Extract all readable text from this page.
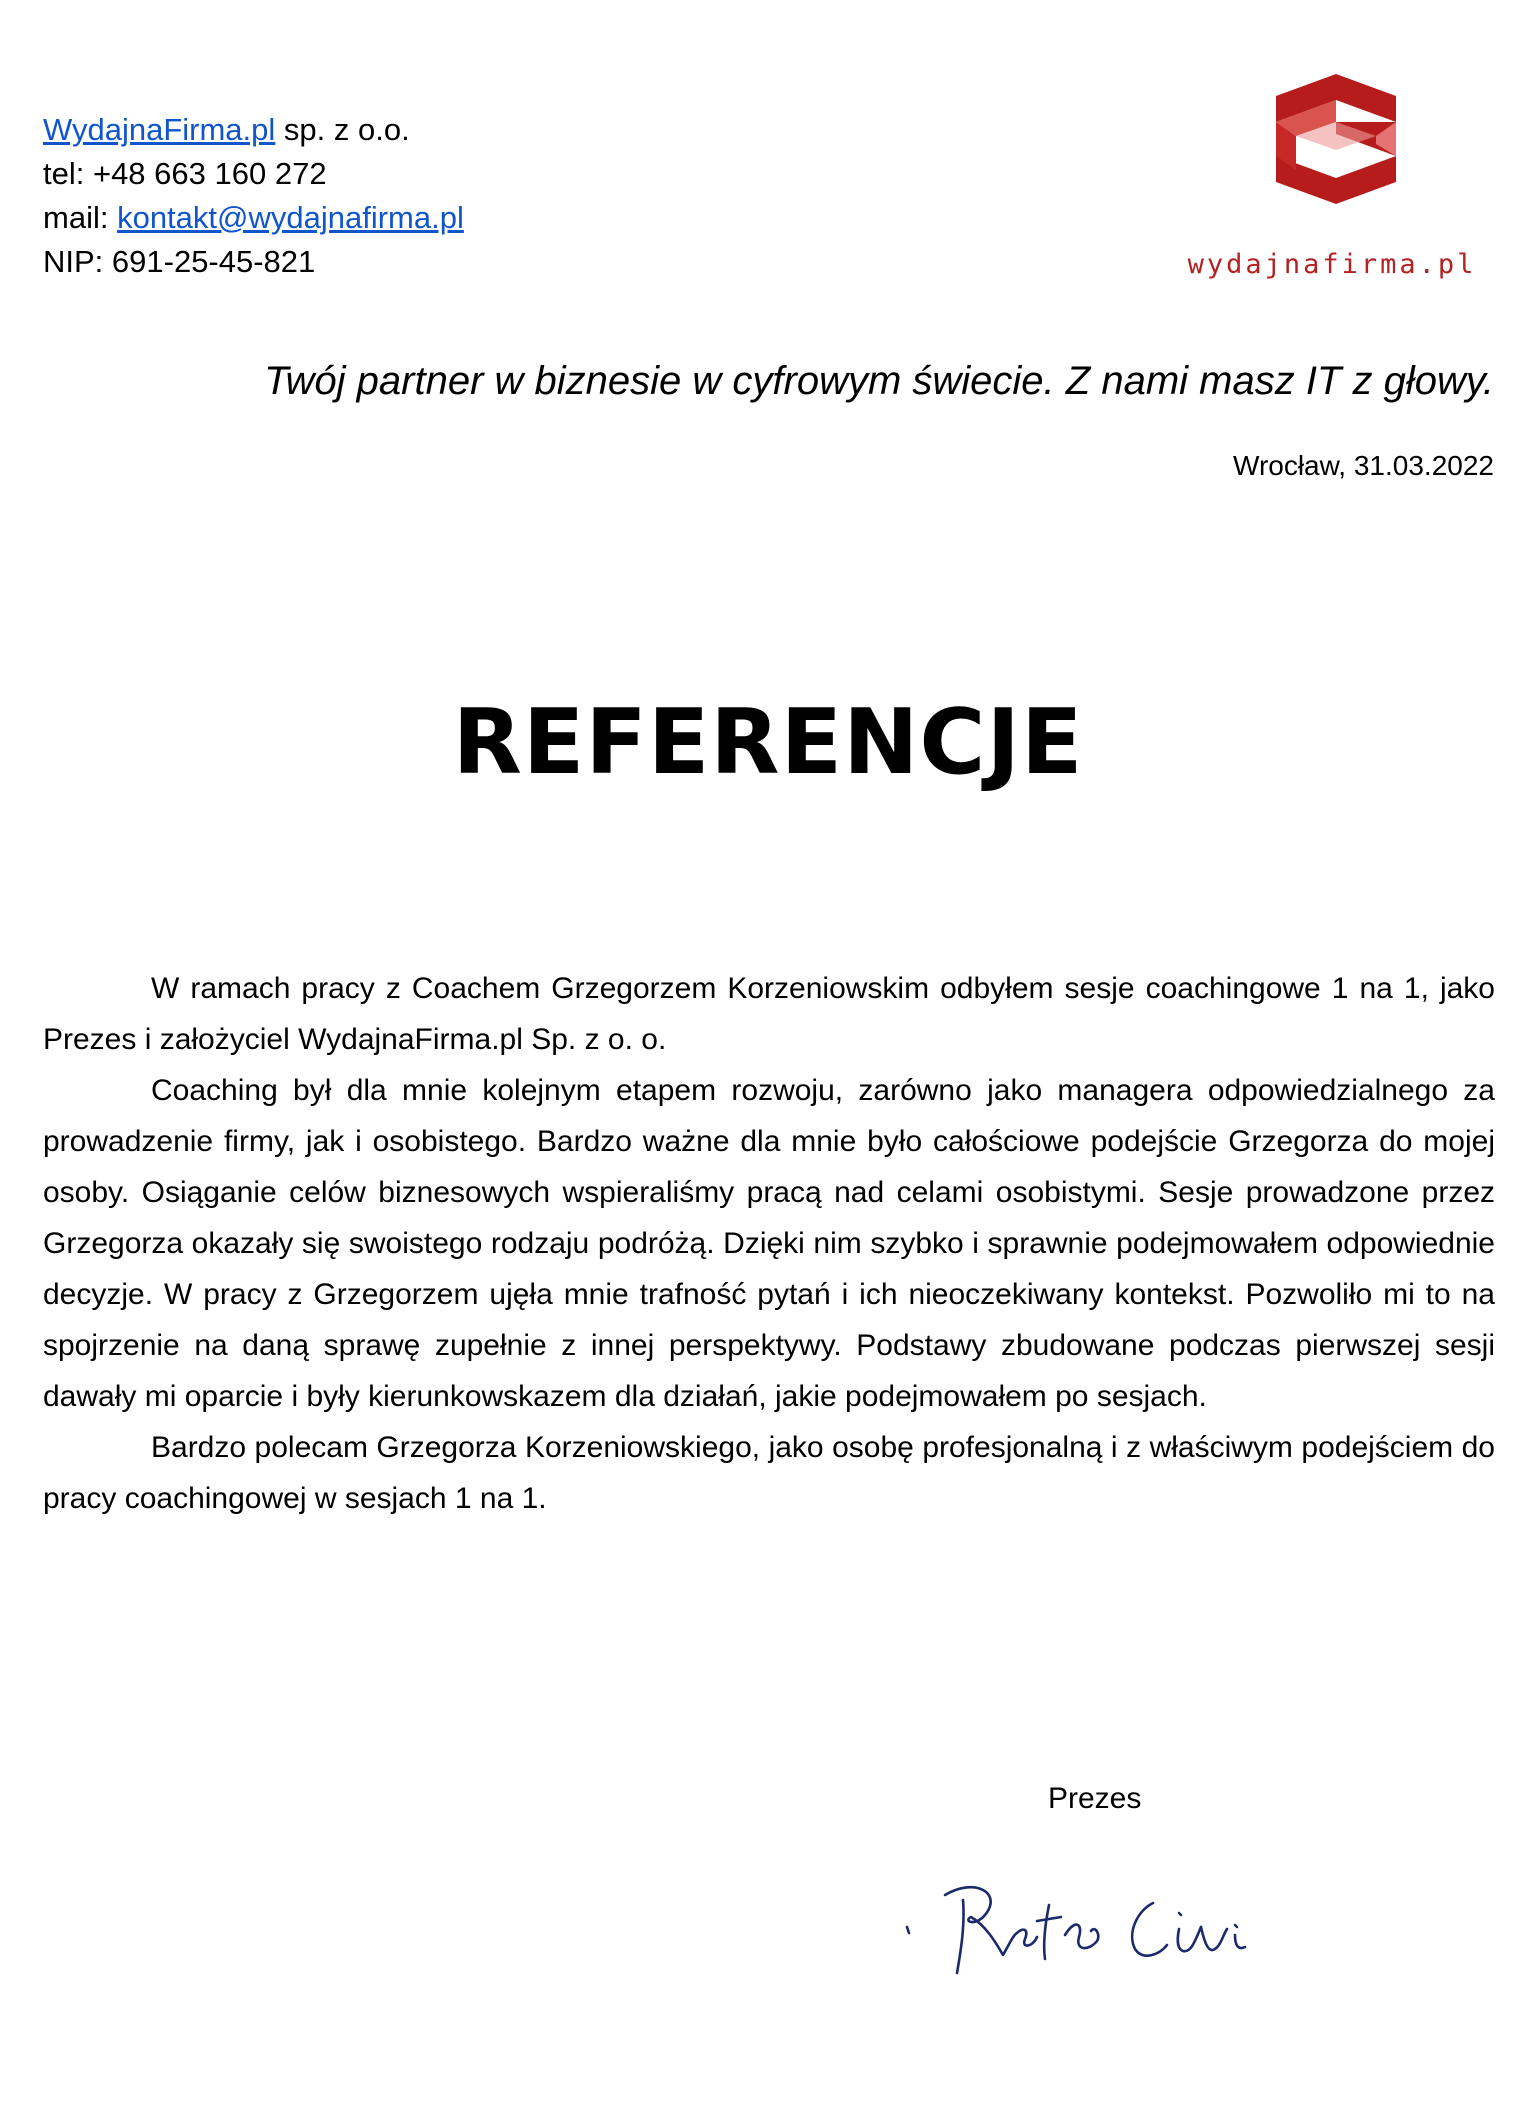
WydajnaFirma.pl sp. z o.o.
tel: +48 663 160 272
mail: kontakt@wydajnafirma.pl
NIP: 691-25-45-821	wydajnafirma.pl
Twój partner w biznesie w cyfrowym świecie. Z nami masz IT z głowy.
Wrocław, 31.03.2022
REFERENCJE

W ramach pracy z Coachem Grzegorzem Korzeniowskim odbyłem sesje coachingowe 1 na 1, jako Prezes i założyciel WydajnaFirma.pl Sp. z o. o.

Coaching był dla mnie kolejnym etapem rozwoju, zarówno jako managera odpowiedzialnego za prowadzenie firmy, jak i osobistego. Bardzo ważne dla mnie było całościowe podejście Grzegorza do mojej osoby. Osiąganie celów biznesowych wspieraliśmy pracą nad celami osobistymi. Sesje prowadzone przez Grzegorza okazały się swoistego rodzaju podróżą. Dzięki nim szybko i sprawnie podejmowałem odpowiednie decyzje. W pracy z Grzegorzem ujęła mnie trafność pytań i ich nieoczekiwany kontekst. Pozwoliło mi to na spojrzenie na daną sprawę zupełnie z innej perspektywy. Podstawy zbudowane podczas pierwszej sesji dawały mi oparcie i były kierunkowskazem dla działań, jakie podejmowałem po sesjach.

Bardzo polecam Grzegorza Korzeniowskiego, jako osobę profesjonalną i z właściwym podejściem do pracy coachingowej w sesjach 1 na 1.

Prezes
